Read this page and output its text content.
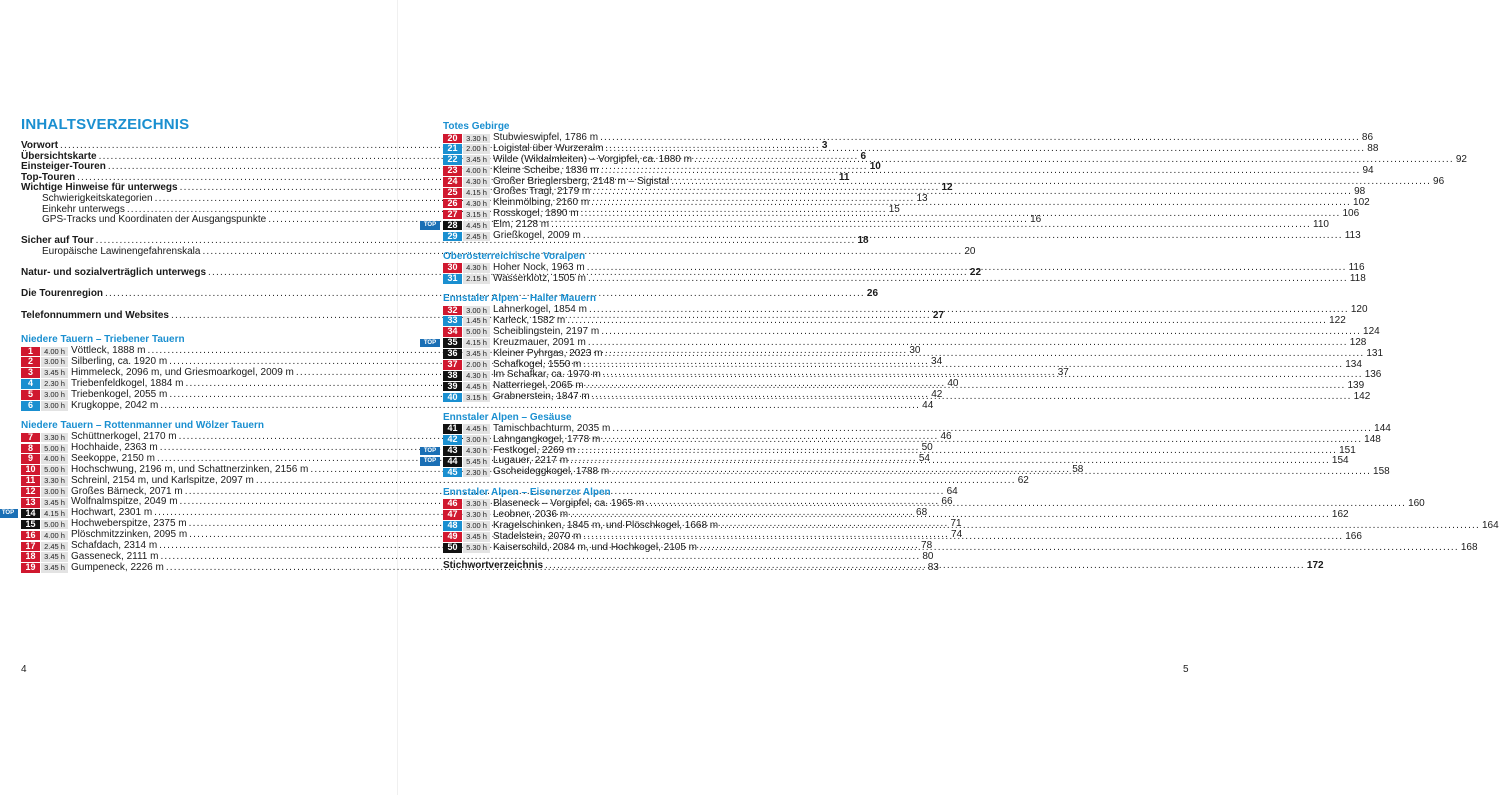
INHALTSVERZEICHNIS
Vorwort .....	3
Übersichtskarte .....	6
Einsteiger-Touren .....	10
Top-Touren .....	11
Wichtige Hinweise für unterwegs .....	12
Schwierigkeitskategorien .....	13
Einkehr unterwegs .....	15
GPS-Tracks und Koordinaten der Ausgangspunkte .....	16
Sicher auf Tour .....	18
Europäische Lawinengefahrenskala .....	20
Natur- und sozialverträglich unterwegs .....	22
Die Tourenregion .....	26
Telefonnummern und Websites .....	27
Niedere Tauern – Triebener Tauern
1	4.00 h Vöttleck, 1888 m .....	30
2	3.00 h Silberling, ca. 1920 m .....	34
3	3.45 h Himmeleck, 2096 m, und Griesmoarkogel, 2009 m .....	37
4	2.30 h Triebenfeldkogel, 1884 m .....	40
5	3.00 h Triebenkogel, 2055 m .....	42
6	3.00 h Krugkoppe, 2042 m .....	44
Niedere Tauern – Rottenmanner und Wölzer Tauern
7	3.30 h Schüttnerkogel, 2170 m .....	46
8	5.00 h Hochhaide, 2363 m .....	50
9	4.00 h Seekoppe, 2150 m .....	54
10	5.00 h Hochschwung, 2196 m, und Schattnerzinken, 2156 m .....	58
11	3.30 h Schreinl, 2154 m, und Karlspitze, 2097 m .....	62
12	3.00 h Großes Bärneck, 2071 m .....	64
13	3.45 h Wolfnalmspitze, 2049 m .....	66
TOP	14	4.15 h Hochwart, 2301 m .....	68
15	5.00 h Hochweberspitze, 2375 m .....	71
16	4.00 h Plöschmitzzinken, 2095 m .....	74
17	2.45 h Schafdach, 2314 m .....	78
18	3.45 h Gasseneck, 2111 m .....	80
19	3.45 h Gumpeneck, 2226 m .....	83
4
Totes Gebirge
20	3.30 h Stubwieswipfel, 1786 m .....	86
21	2.00 h Loigistal über Wurzeralm .....	88
22	3.45 h Wilde (Wildalmleiten) – Vorgipfel, ca. 1880 m .....	92
23	4.00 h Kleine Scheibe, 1836 m .....	94
24	4.30 h Großer Brieglersberg, 2148 m – Sigistal .....	96
25	4.15 h Großes Tragl, 2179 m .....	98
26	4.30 h Kleinmölbing, 2160 m .....	102
27	3.15 h Rosskogel, 1890 m .....	106
TOP	28	4.45 h Elm, 2128 m .....	110
29	2.45 h Grießkogel, 2009 m .....	113
Oberösterreichische Voralpen
30	4.30 h Hoher Nock, 1963 m .....	116
31	2.15 h Wasserklotz, 1505 m .....	118
Ennstaler Alpen – Haller Mauern
32	3.00 h Lahnerkogel, 1854 m .....	120
33	1.45 h Karleck, 1582 m .....	122
34	5.00 h Scheiblingstein, 2197 m .....	124
TOP	35	4.15 h Kreuzmauer, 2091 m .....	128
36	3.45 h Kleiner Pyhrgas, 2023 m .....	131
37	2.00 h Schafkogel, 1550 m .....	134
38	4.30 h Im Schafkar, ca. 1970 m .....	136
39	4.45 h Natterriegel, 2065 m .....	139
40	3.15 h Grabnerstein, 1847 m .....	142
Ennstaler Alpen – Gesäuse
41	4.45 h Tamischbachturm, 2035 m .....	144
42	3.00 h Lahngangkogel, 1778 m .....	148
TOP	43	4.30 h Festkogel, 2269 m .....	151
TOP	44	5.45 h Lugauer, 2217 m .....	154
45	2.30 h Gscheideggkogel, 1788 m .....	158
Ennstaler Alpen – Eisenerzer Alpen
46	3.30 h Blaseneck – Vorgipfel, ca. 1965 m .....	160
47	3.30 h Leobner, 2036 m .....	162
48	3.00 h Kragelschinken, 1845 m, und Plöschkogel, 1668 m .....	164
49	3.45 h Stadelstein, 2070 m .....	166
50	5.30 h Kaiserschild, 2084 m, und Hochkogel, 2105 m .....	168
Stichwortverzeichnis .....	172
5
